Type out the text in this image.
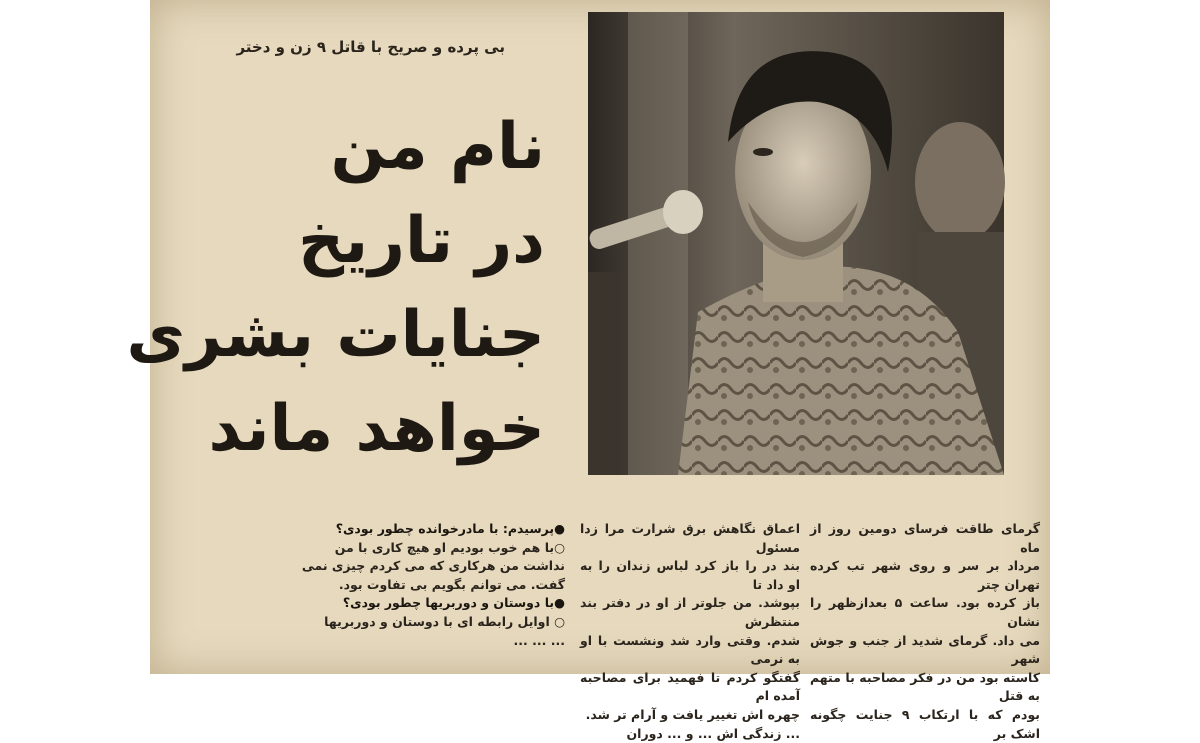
بی پرده و صریح با قاتل ۹ زن و دختر
نام من
در تاریخ
جنایات بشری
خواهد ماند

گرمای طاقت فرسای دومین روز از ماه

مرداد بر سر و روی شهر تب کرده تهران چتر

باز کرده بود. ساعت ۵ بعدازظهر را نشان

می داد. گرمای شدید از جنب و جوش شهر

کاسته بود من در فکر مصاحبه با متهم به قتل

بودم که با ارتکاب ۹ جنایت چگونه اشک بر

اعماق نگاهش برق شرارت مرا زدا مسئول

بند در را باز کرد لباس زندان را به او داد تا

بپوشد. من جلوتر از او در دفتر بند منتظرش

شدم. وقتی وارد شد ونشست با او به نرمی

گفتگو کردم تا فهمید برای مصاحبه آمده ام

چهره اش تغییر یافت و آرام تر شد.

... زندگی اش ... و ... دوران

●پرسیدم: با مادرخوانده چطور بودی؟

○با هم خوب بودیم او هیچ کاری با من

نداشت من هرکاری که می کردم چیزی نمی

گفت. می توانم بگویم بی تفاوت بود.

●با دوستان و دوربریها چطور بودی؟

○ اوایل رابطه ای با دوستان و دوربریها

... ... ...
